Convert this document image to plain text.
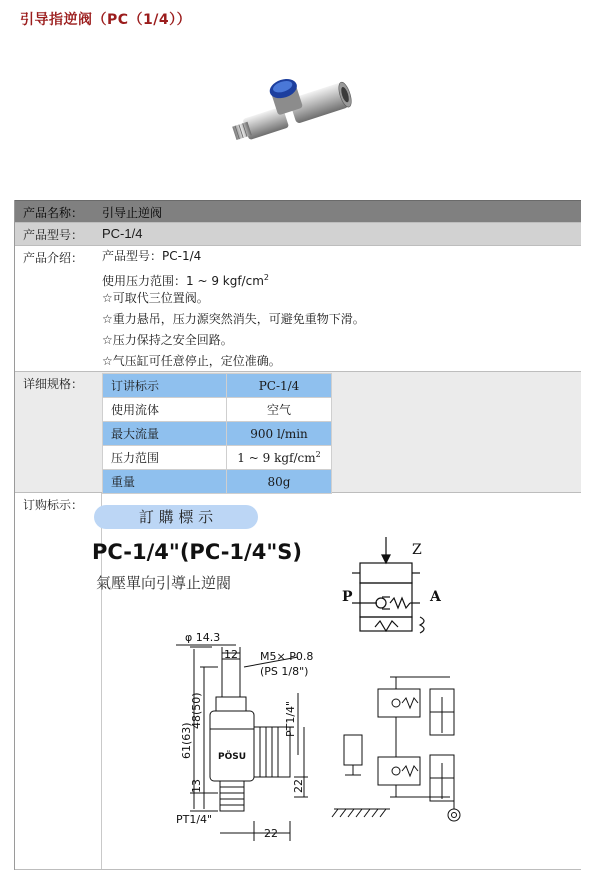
引导指逆阀（PC（1/4））
产品名称：	引导止逆阀
产品型号：	PC-1/4
产品介绍：	产品型号：PC-1/4
使用压力范围：1 ~ 9 kgf/$cm^2$
☆可取代三位置阀。
☆重力悬吊，压力源突然消失，可避免重物下滑。
☆压力保持之安全回路。
☆气压缸可任意停止，定位准确。
详细规格：	订讲标示	PC-1/4
使用流体	空气
最大流量	900 l/min
压力范围	1 ~ 9 kgf/$cm^2$
重量	80g
订购标示：
訂 購 標 示
PC-1/4"(PC-1/4"S)
氣壓單向引導止逆閥
Z
P	A
φ 14.3
12 M5× P0.8
(PS 1/8")
61(63)
48(50)
13
PT1/4"
22
PT1/4"
22
PÖSU
